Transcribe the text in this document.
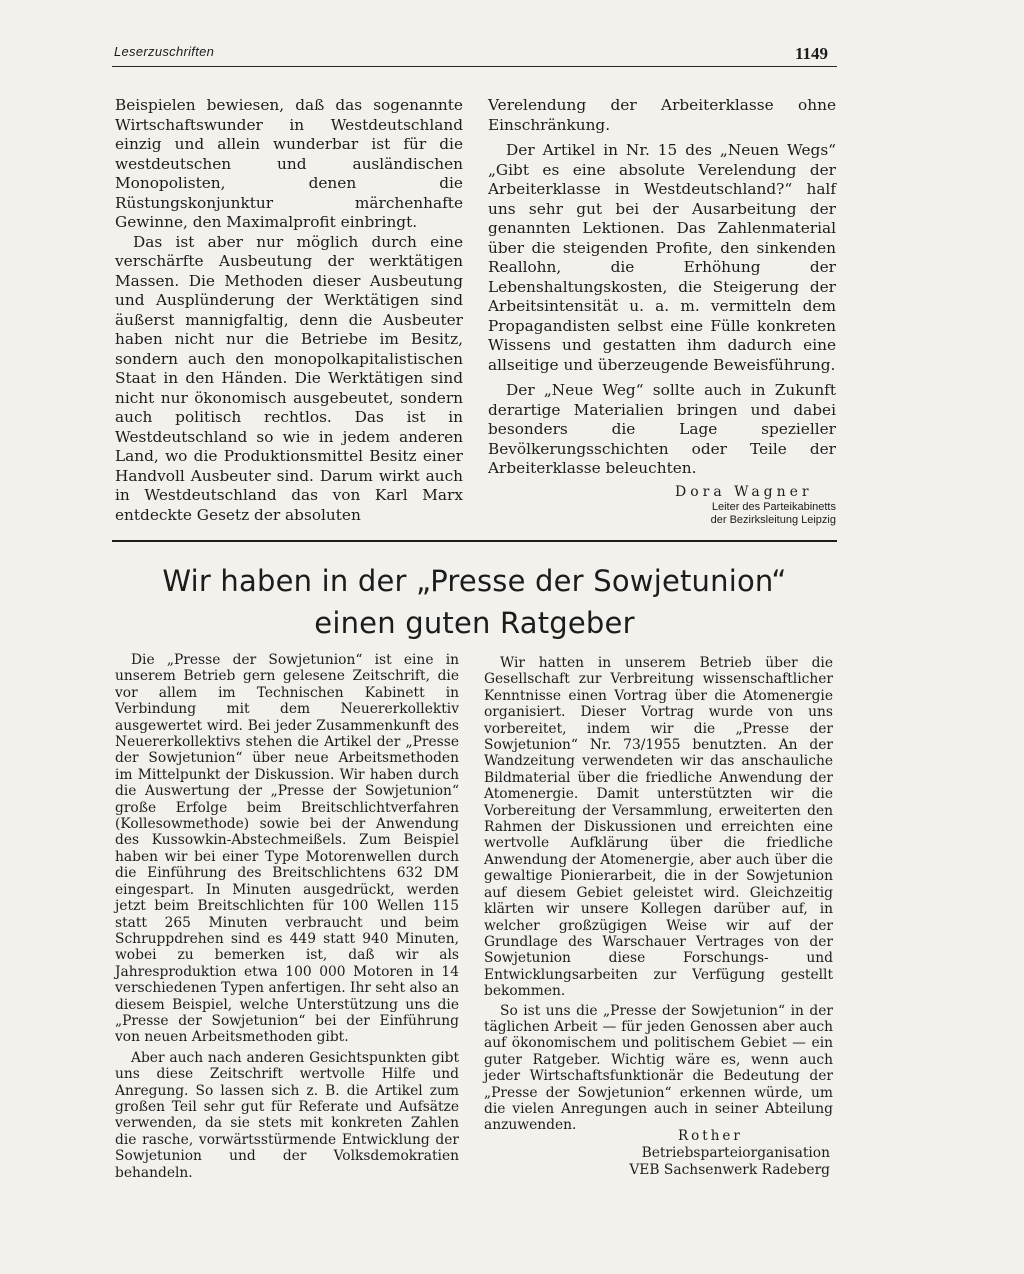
Leserzuschriften	1149

Beispielen bewiesen, daß das sogenannte Wirtschaftswunder in Westdeutschland einzig und allein wunderbar ist für die westdeutschen und ausländischen Monopolisten, denen die Rüstungskonjunktur märchenhafte Gewinne, den Maximalprofit einbringt.

Das ist aber nur möglich durch eine verschärfte Ausbeutung der werktätigen Massen. Die Methoden dieser Ausbeutung und Ausplünderung der Werktätigen sind äußerst mannigfaltig, denn die Ausbeuter haben nicht nur die Betriebe im Besitz, sondern auch den monopolkapitalistischen Staat in den Händen. Die Werktätigen sind nicht nur ökonomisch ausgebeutet, sondern auch politisch rechtlos. Das ist in Westdeutschland so wie in jedem anderen Land, wo die Produktionsmittel Besitz einer Handvoll Ausbeuter sind. Darum wirkt auch in Westdeutschland das von Karl Marx entdeckte Gesetz der absoluten

Verelendung der Arbeiterklasse ohne Einschränkung.

Der Artikel in Nr. 15 des „Neuen Wegs“ „Gibt es eine absolute Verelendung der Arbeiterklasse in Westdeutschland?“ half uns sehr gut bei der Ausarbeitung der genannten Lektionen. Das Zahlenmaterial über die steigenden Profite, den sinkenden Reallohn, die Erhöhung der Lebenshaltungskosten, die Steigerung der Arbeitsintensität u. a. m. vermitteln dem Propagandisten selbst eine Fülle konkreten Wissens und gestatten ihm dadurch eine allseitige und überzeugende Beweisführung.

Der „Neue Weg“ sollte auch in Zukunft derartige Materialien bringen und dabei besonders die Lage spezieller Bevölkerungsschichten oder Teile der Arbeiterklasse beleuchten.

Dora Wagner
Leiter des Parteikabinetts
der Bezirksleitung Leipzig
Wir haben in der „Presse der Sowjetunion“
einen guten Ratgeber

Die „Presse der Sowjetunion“ ist eine in unserem Betrieb gern gelesene Zeitschrift, die vor allem im Technischen Kabinett in Verbindung mit dem Neuererkollektiv ausgewertet wird. Bei jeder Zusammenkunft des Neuererkollektivs stehen die Artikel der „Presse der Sowjetunion“ über neue Arbeitsmethoden im Mittelpunkt der Diskussion. Wir haben durch die Auswertung der „Presse der Sowjetunion“ große Erfolge beim Breitschlichtverfahren (Kollesowmethode) sowie bei der Anwendung des Kussowkin-Abstechmeißels. Zum Beispiel haben wir bei einer Type Motorenwellen durch die Einführung des Breitschlichtens 632 DM eingespart. In Minuten ausgedrückt, werden jetzt beim Breitschlichten für 100 Wellen 115 statt 265 Minuten verbraucht und beim Schruppdrehen sind es 449 statt 940 Minuten, wobei zu bemerken ist, daß wir als Jahresproduktion etwa 100 000 Motoren in 14 verschiedenen Typen anfertigen. Ihr seht also an diesem Beispiel, welche Unterstützung uns die „Presse der Sowjetunion“ bei der Einführung von neuen Arbeitsmethoden gibt.

Aber auch nach anderen Gesichtspunkten gibt uns diese Zeitschrift wertvolle Hilfe und Anregung. So lassen sich z. B. die Artikel zum großen Teil sehr gut für Referate und Aufsätze verwenden, da sie stets mit konkreten Zahlen die rasche, vorwärtsstürmende Entwicklung der Sowjetunion und der Volksdemokratien behandeln.

Wir hatten in unserem Betrieb über die Gesellschaft zur Verbreitung wissenschaftlicher Kenntnisse einen Vortrag über die Atomenergie organisiert. Dieser Vortrag wurde von uns vorbereitet, indem wir die „Presse der Sowjetunion“ Nr. 73/1955 benutzten. An der Wandzeitung verwendeten wir das anschauliche Bildmaterial über die friedliche Anwendung der Atomenergie. Damit unterstützten wir die Vorbereitung der Versammlung, erweiterten den Rahmen der Diskussionen und erreichten eine wertvolle Aufklärung über die friedliche Anwendung der Atomenergie, aber auch über die gewaltige Pionierarbeit, die in der Sowjetunion auf diesem Gebiet geleistet wird. Gleichzeitig klärten wir unsere Kollegen darüber auf, in welcher großzügigen Weise wir auf der Grundlage des Warschauer Vertrages von der Sowjetunion diese Forschungs- und Entwicklungsarbeiten zur Verfügung gestellt bekommen.

So ist uns die „Presse der Sowjetunion“ in der täglichen Arbeit — für jeden Genossen aber auch auf ökonomischem und politischem Gebiet — ein guter Ratgeber. Wichtig wäre es, wenn auch jeder Wirtschaftsfunktionär die Bedeutung der „Presse der Sowjetunion“ erkennen würde, um die vielen Anregungen auch in seiner Abteilung anzuwenden.

Rother
Betriebsparteiorganisation
VEB Sachsenwerk Radeberg
